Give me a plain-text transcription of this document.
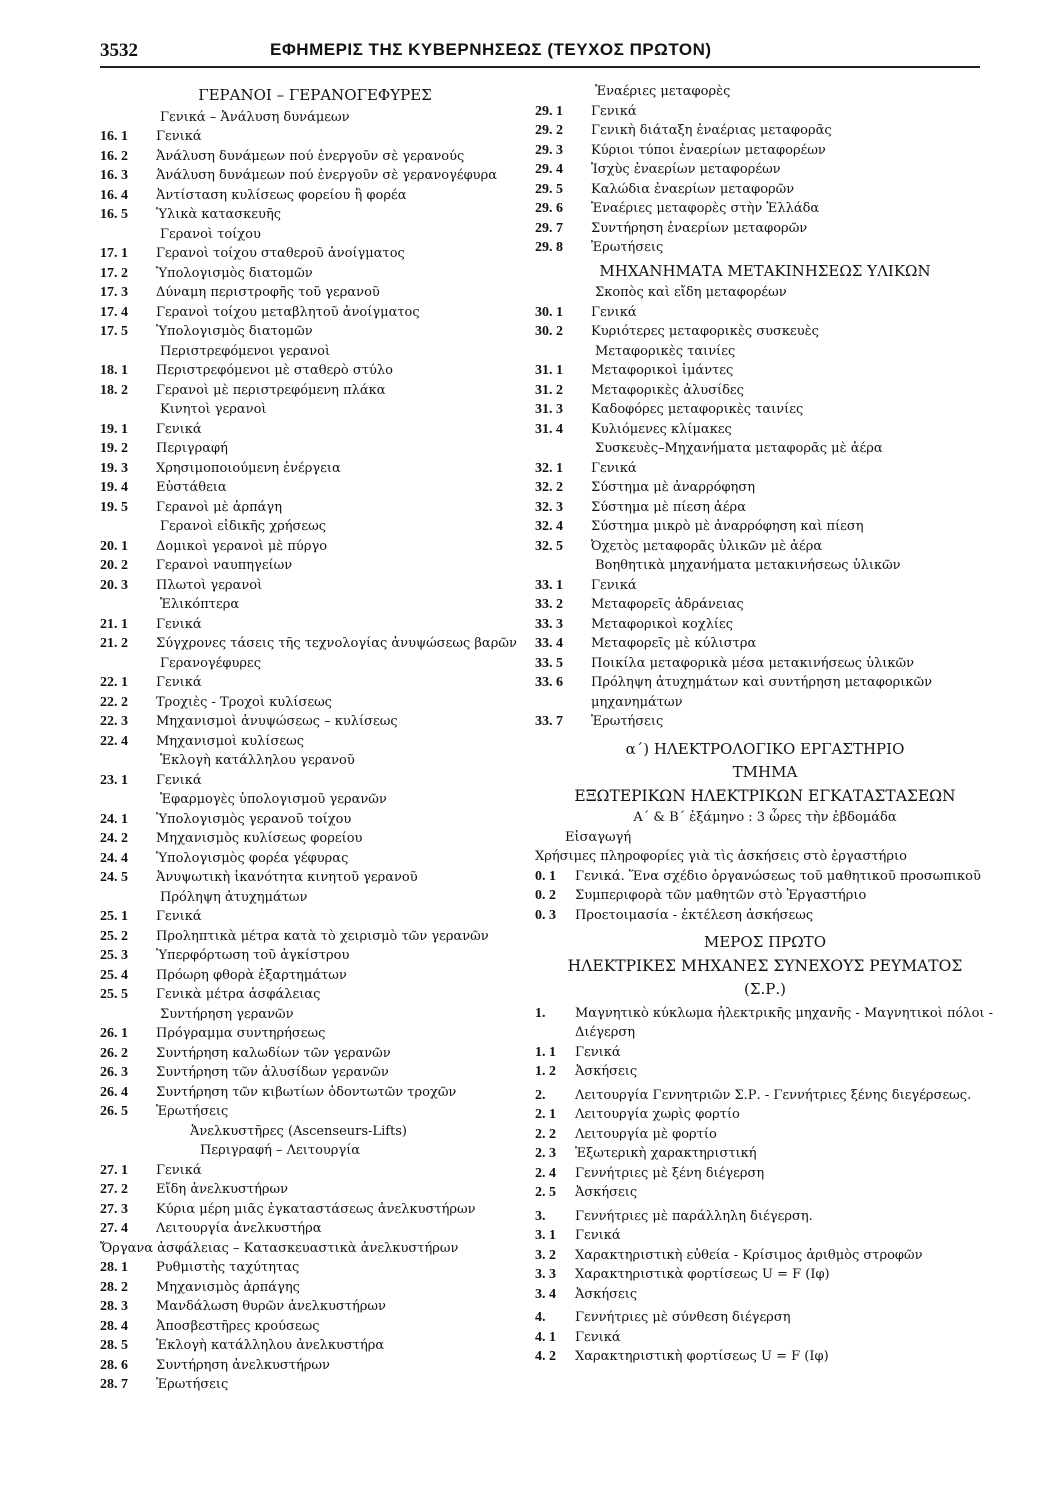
3532	ΕΦΗΜΕΡΙΣ ΤΗΣ ΚΥΒΕΡΝΗΣΕΩΣ (ΤΕΥΧΟΣ ΠΡΩΤΟΝ)
ΓΕΡΑΝΟΙ – ΓΕΡΑΝΟΓΕΦΥΡΕΣ
Γενικά – Ἀνάλυση δυνάμεων
16. 1	Γενικά
16. 2	Ἀνάλυση δυνάμεων πού ἐνεργοῦν σὲ γερανούς
16. 3	Ἀνάλυση δυνάμεων πού ἐνεργοῦν σὲ γερανογέφυρα
16. 4	Ἀντίσταση κυλίσεως φορείου ἢ φορέα
16. 5	Ὑλικὰ κατασκευῆς
Γερανοὶ τοίχου
17. 1	Γερανοὶ τοίχου σταθεροῦ ἀνοίγματος
17. 2	Ὑπολογισμὸς διατομῶν
17. 3	Δύναμη περιστροφῆς τοῦ γερανοῦ
17. 4	Γερανοὶ τοίχου μεταβλητοῦ ἀνοίγματος
17. 5	Ὑπολογισμὸς διατομῶν
Περιστρεφόμενοι γερανοὶ
18. 1	Περιστρεφόμενοι μὲ σταθερὸ στύλο
18. 2	Γερανοὶ μὲ περιστρεφόμενη πλάκα
Κινητοὶ γερανοὶ
19. 1	Γενικά
19. 2	Περιγραφή
19. 3	Χρησιμοποιούμενη ἐνέργεια
19. 4	Εὐστάθεια
19. 5	Γερανοὶ μὲ ἁρπάγη
Γερανοὶ εἰδικῆς χρήσεως
20. 1	Δομικοὶ γερανοὶ μὲ πύργο
20. 2	Γερανοὶ ναυπηγείων
20. 3	Πλωτοὶ γερανοὶ
Ἑλικόπτερα
21. 1	Γενικά
21. 2	Σύγχρονες τάσεις τῆς τεχνολογίας ἀνυψώσεως βαρῶν
Γερανογέφυρες
22. 1	Γενικά
22. 2	Τροχιὲς - Τροχοὶ κυλίσεως
22. 3	Μηχανισμοὶ ἀνυψώσεως – κυλίσεως
22. 4	Μηχανισμοὶ κυλίσεως
Ἐκλογὴ κατάλληλου γερανοῦ
23. 1	Γενικά
Ἐφαρμογὲς ὑπολογισμοῦ γερανῶν
24. 1	Ὑπολογισμὸς γερανοῦ τοίχου
24. 2	Μηχανισμὸς κυλίσεως φορείου
24. 4	Ὑπολογισμὸς φορέα γέφυρας
24. 5	Ἀνυψωτικὴ ἱκανότητα κινητοῦ γερανοῦ
Πρόληψη ἀτυχημάτων
25. 1	Γενικά
25. 2	Προληπτικὰ μέτρα κατὰ τὸ χειρισμὸ τῶν γερανῶν
25. 3	Ὑπερφόρτωση τοῦ ἀγκίστρου
25. 4	Πρόωρη φθορὰ ἐξαρτημάτων
25. 5	Γενικὰ μέτρα ἀσφάλειας
Συντήρηση γερανῶν
26. 1	Πρόγραμμα συντηρήσεως
26. 2	Συντήρηση καλωδίων τῶν γερανῶν
26. 3	Συντήρηση τῶν ἀλυσίδων γερανῶν
26. 4	Συντήρηση τῶν κιβωτίων ὀδοντωτῶν τροχῶν
26. 5	Ἐρωτήσεις
Ἀνελκυστῆρες (Ascenseurs-Lifts)
Περιγραφή – Λειτουργία
27. 1	Γενικά
27. 2	Εἴδη ἀνελκυστήρων
27. 3	Κύρια μέρη μιᾶς ἐγκαταστάσεως ἀνελκυστήρων
27. 4	Λειτουργία ἀνελκυστήρα
Ὄργανα ἀσφάλειας – Κατασκευαστικὰ ἀνελκυστήρων
28. 1	Ρυθμιστὴς ταχύτητας
28. 2	Μηχανισμὸς ἁρπάγης
28. 3	Μανδάλωση θυρῶν ἀνελκυστήρων
28. 4	Ἀποσβεστῆρες κρούσεως
28. 5	Ἐκλογὴ κατάλληλου ἀνελκυστήρα
28. 6	Συντήρηση ἀνελκυστήρων
28. 7	Ἐρωτήσεις
Ἐναέριες μεταφορὲς
29. 1	Γενικά
29. 2	Γενικὴ διάταξη ἐναέριας μεταφορᾶς
29. 3	Κύριοι τύποι ἐναερίων μεταφορέων
29. 4	Ἰσχὺς ἐναερίων μεταφορέων
29. 5	Καλώδια ἐναερίων μεταφορῶν
29. 6	Ἐναέριες μεταφορὲς στὴν Ἑλλάδα
29. 7	Συντήρηση ἐναερίων μεταφορῶν
29. 8	Ἐρωτήσεις
ΜΗΧΑΝΗΜΑΤΑ ΜΕΤΑΚΙΝΗΣΕΩΣ ΥΛΙΚΩΝ
Σκοπὸς καὶ εἴδη μεταφορέων
30. 1	Γενικά
30. 2	Κυριότερες μεταφορικὲς συσκευὲς
Μεταφορικὲς ταινίες
31. 1	Μεταφορικοὶ ἱμάντες
31. 2	Μεταφορικὲς ἀλυσίδες
31. 3	Καδοφόρες μεταφορικὲς ταινίες
31. 4	Κυλιόμενες κλίμακες
Συσκευὲς–Μηχανήματα μεταφορᾶς μὲ ἀέρα
32. 1	Γενικά
32. 2	Σύστημα μὲ ἀναρρόφηση
32. 3	Σύστημα μὲ πίεση ἀέρα
32. 4	Σύστημα μικρὸ μὲ ἀναρρόφηση καὶ πίεση
32. 5	Ὀχετὸς μεταφορᾶς ὑλικῶν μὲ ἀέρα
Βοηθητικὰ μηχανήματα μετακινήσεως ὑλικῶν
33. 1	Γενικά
33. 2	Μεταφορεῖς ἀδράνειας
33. 3	Μεταφορικοὶ κοχλίες
33. 4	Μεταφορεῖς μὲ κύλιστρα
33. 5	Ποικίλα μεταφορικὰ μέσα μετακινήσεως ὑλικῶν
33. 6	Πρόληψη ἀτυχημάτων καὶ συντήρηση μεταφορικῶν μηχανημάτων
33. 7	Ἐρωτήσεις
α΄) ΗΛΕΚΤΡΟΛΟΓΙΚΟ ΕΡΓΑΣΤΗΡΙΟ
ΤΜΗΜΑ
ΕΞΩΤΕΡΙΚΩΝ ΗΛΕΚΤΡΙΚΩΝ ΕΓΚΑΤΑΣΤΑΣΕΩΝ
Α΄ & Β΄ ἑξάμηνο : 3 ὧρες τὴν ἑβδομάδα
Εἰσαγωγή
Χρήσιμες πληροφορίες γιὰ τὶς ἀσκήσεις στὸ ἐργαστήριο
0. 1	Γενικά. Ἕνα σχέδιο ὀργανώσεως τοῦ μαθητικοῦ προσωπικοῦ
0. 2	Συμπεριφορὰ τῶν μαθητῶν στὸ Ἐργαστήριο
0. 3	Προετοιμασία - ἐκτέλεση ἀσκήσεως
ΜΕΡΟΣ ΠΡΩΤΟ
ΗΛΕΚΤΡΙΚΕΣ ΜΗΧΑΝΕΣ ΣΥΝΕΧΟΥΣ ΡΕΥΜΑΤΟΣ
(Σ.Ρ.)
1.	Μαγνητικὸ κύκλωμα ἠλεκτρικῆς μηχανῆς - Μαγνητικοὶ πόλοι - Διέγερση
1. 1	Γενικά
1. 2	Ἀσκήσεις
2.	Λειτουργία Γεννητριῶν Σ.Ρ. - Γεννήτριες ξένης διεγέρσεως.
2. 1	Λειτουργία χωρὶς φορτίο
2. 2	Λειτουργία μὲ φορτίο
2. 3	Ἐξωτερικὴ χαρακτηριστική
2. 4	Γεννήτριες μὲ ξένη διέγερση
2. 5	Ἀσκήσεις
3.	Γεννήτριες μὲ παράλληλη διέγερση.
3. 1	Γενικά
3. 2	Χαρακτηριστικὴ εὐθεία - Κρίσιμος ἀριθμὸς στροφῶν
3. 3	Χαρακτηριστικὰ φορτίσεως U = F (Iφ)
3. 4	Ἀσκήσεις
4.	Γεννήτριες μὲ σύνθεση διέγερση
4. 1	Γενικά
4. 2	Χαρακτηριστικὴ φορτίσεως U = F (Iφ)
